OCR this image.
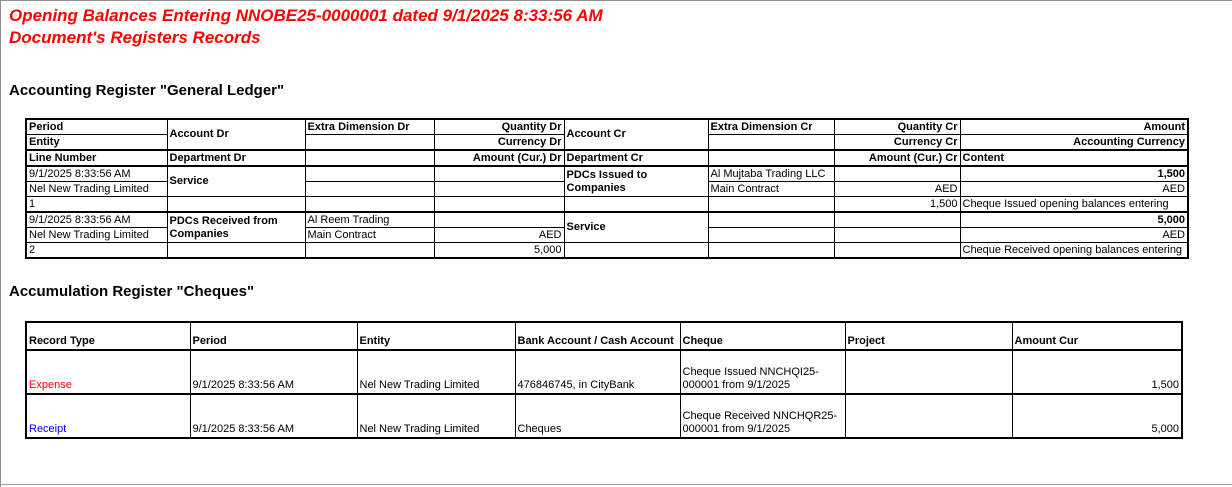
Opening Balances Entering NNOBE25-0000001 dated 9/1/2025 8:33:56 AM
Document's Registers Records
Accounting Register "General Ledger"
Period	Account Dr	Extra Dimension Dr	Quantity Dr	Account Cr	Extra Dimension Cr	Quantity Cr	Amount
Entity			Currency Dr			Currency Cr	Accounting Currency
Line Number	Department Dr		Amount (Cur.) Dr	Department Cr		Amount (Cur.) Cr	Content
9/1/2025 8:33:56 AM	Service			PDCs Issued to Companies	Al Mujtaba Trading LLC		1,500
Nel New Trading Limited					Main Contract	AED	AED
1						1,500	Cheque Issued opening balances entering
9/1/2025 8:33:56 AM	PDCs Received from Companies	Al Reem Trading		Service			5,000
Nel New Trading Limited		Main Contract	AED				AED
2			5,000				Cheque Received opening balances entering
Accumulation Register "Cheques"
Record Type	Period	Entity	Bank Account / Cash Account	Cheque	Project	Amount Cur
Expense	9/1/2025 8:33:56 AM	Nel New Trading Limited	476846745, in CityBank	Cheque Issued NNCHQI25-000001 from 9/1/2025		1,500
Receipt	9/1/2025 8:33:56 AM	Nel New Trading Limited	Cheques	Cheque Received NNCHQR25-000001 from 9/1/2025		5,000
